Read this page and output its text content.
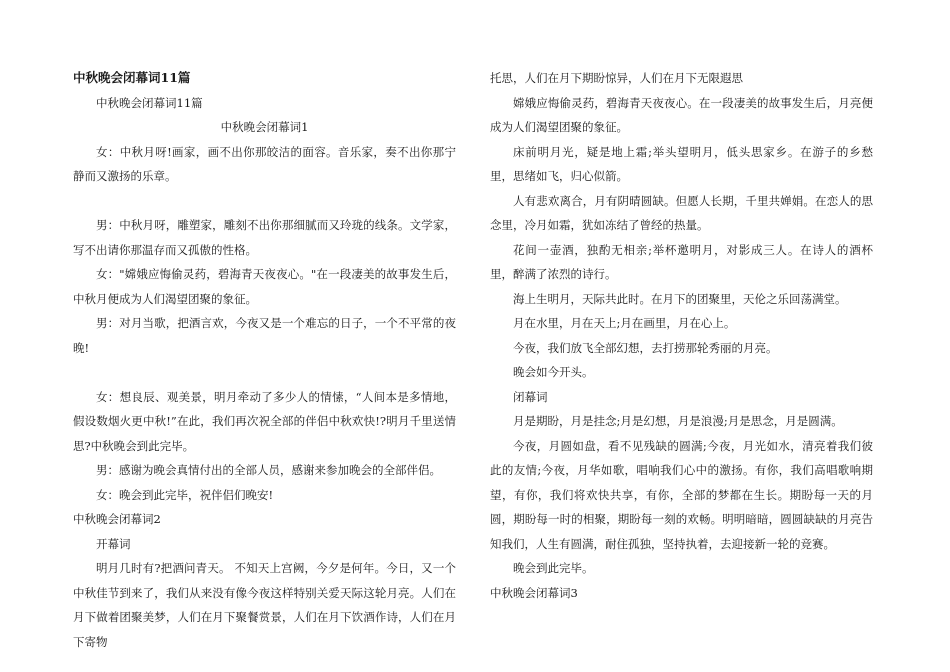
中秋晚会闭幕词11篇

中秋晚会闭幕词11篇

中秋晚会闭幕词1

女：中秋月呀!画家，画不出你那皎洁的面容。音乐家，奏不出你那宁静而又激扬的乐章。

男：中秋月呀，雕塑家，雕刻不出你那细腻而又玲珑的线条。文学家，写不出请你那温存而又孤傲的性格。

女："嫦娥应悔偷灵药，碧海青天夜夜心。"在一段凄美的故事发生后，中秋月便成为人们渴望团聚的象征。

男：对月当歌，把酒言欢，今夜又是一个难忘的日子，一个不平常的夜晚!

女：想良辰、观美景，明月牵动了多少人的情愫，“人间本是多情地，假设数烟火更中秋!”在此，我们再次祝全部的伴侣中秋欢快!?明月千里送情思?中秋晚会到此完毕。

男：感谢为晚会真情付出的全部人员，感谢来参加晚会的全部伴侣。

女：晚会到此完毕，祝伴侣们晚安!

中秋晚会闭幕词2

开幕词

明月几时有?把酒问青天。 不知天上宫阙，今夕是何年。今日，又一个中秋佳节到来了，我们从来没有像今夜这样特别关爱天际这轮月亮。人们在月下做着团聚美梦，人们在月下聚餐赏景，人们在月下饮酒作诗，人们在月下寄物

托思，人们在月下期盼惊异，人们在月下无限遐思

嫦娥应悔偷灵药，碧海青天夜夜心。在一段凄美的故事发生后，月亮便成为人们渴望团聚的象征。

床前明月光，疑是地上霜;举头望明月，低头思家乡。在游子的乡愁里，思绪如飞，归心似箭。

人有悲欢离合，月有阴晴圆缺。但愿人长期，千里共婵娟。在恋人的思念里，冷月如霜，犹如冻结了曾经的热量。

花间一壶酒，独酌无相亲;举杯邀明月，对影成三人。在诗人的酒杯里，醉满了浓烈的诗行。

海上生明月，天际共此时。在月下的团聚里，天伦之乐回荡满堂。

月在水里，月在天上;月在画里，月在心上。

今夜，我们放飞全部幻想，去打捞那轮秀丽的月亮。

晚会如今开头。

闭幕词

月是期盼，月是挂念;月是幻想，月是浪漫;月是思念，月是圆满。

今夜，月圆如盘，看不见残缺的圆满;今夜，月光如水，清亮着我们彼此的友情;今夜，月华如歌，唱响我们心中的激扬。有你，我们高唱歌响期望，有你，我们将欢快共享，有你，全部的梦都在生长。期盼每一天的月圆，期盼每一时的相聚，期盼每一刻的欢畅。明明暗暗，圆圆缺缺的月亮告知我们，人生有圆满，耐住孤独，坚持执着，去迎接新一轮的竞赛。

晚会到此完毕。

中秋晚会闭幕词3
